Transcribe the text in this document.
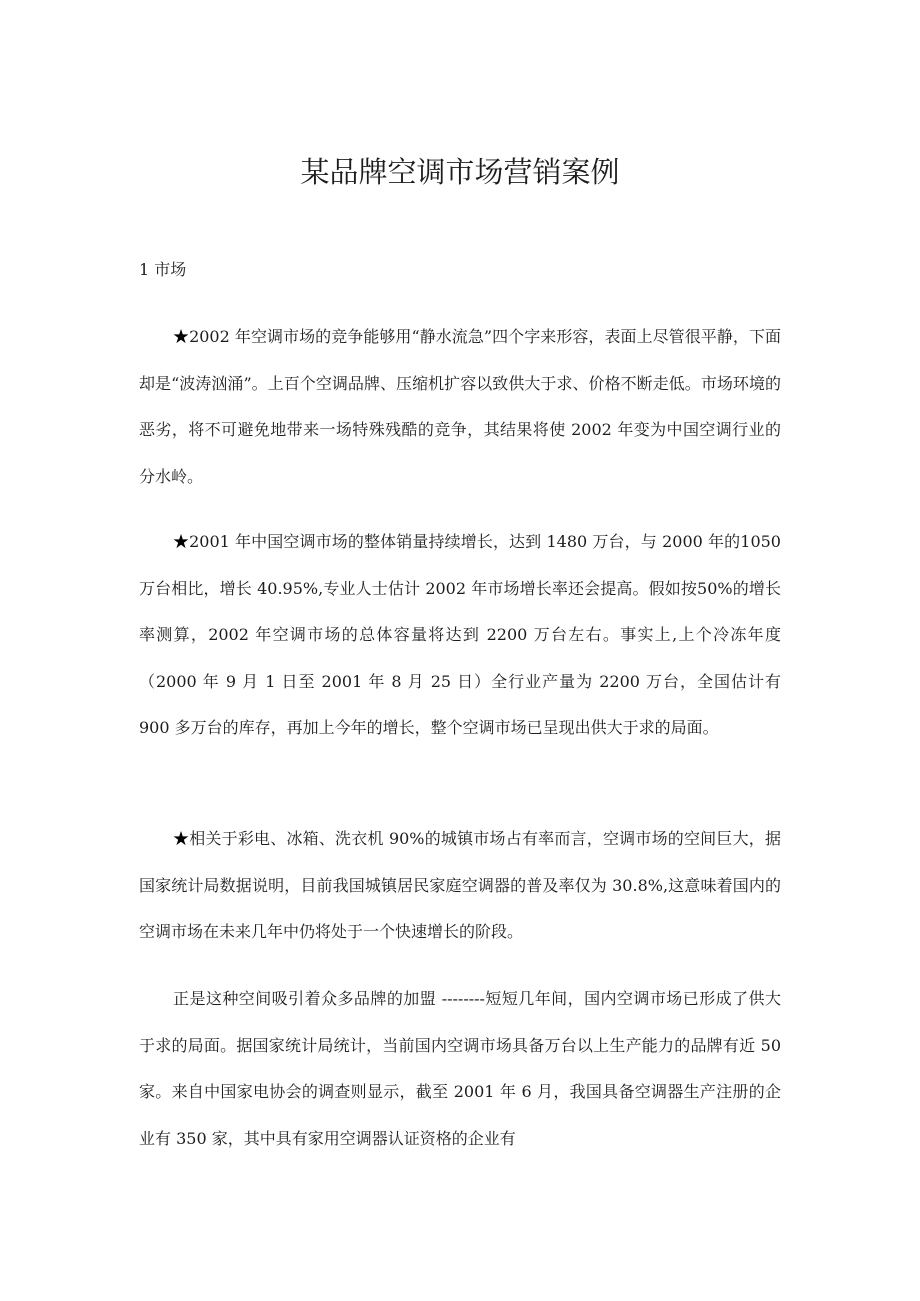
某品牌空调市场营销案例
1 市场

★2002 年空调市场的竞争能够用“静水流急”四个字来形容，表面上尽管很平静，下面却是“波涛汹涌”。上百个空调品牌、压缩机扩容以致供大于求、价格不断走低。市场环境的恶劣，将不可避免地带来一场特殊残酷的竞争，其结果将使 2002 年变为中国空调行业的分水岭。

★2001 年中国空调市场的整体销量持续增长，达到 1480 万台，与 2000 年的1050 万台相比，增长 40.95%,专业人士估计 2002 年市场增长率还会提高。假如按50%的增长率测算，2002 年空调市场的总体容量将达到 2200 万台左右。事实上,上个冷冻年度（2000 年 9 月 1 日至 2001 年 8 月 25 日）全行业产量为 2200 万台，全国估计有 900 多万台的库存，再加上今年的增长，整个空调市场已呈现出供大于求的局面。

★相关于彩电、冰箱、洗衣机 90%的城镇市场占有率而言，空调市场的空间巨大，据国家统计局数据说明，目前我国城镇居民家庭空调器的普及率仅为 30.8%,这意味着国内的空调市场在未来几年中仍将处于一个快速增长的阶段。

正是这种空间吸引着众多品牌的加盟 --------短短几年间，国内空调市场已形成了供大于求的局面。据国家统计局统计，当前国内空调市场具备万台以上生产能力的品牌有近 50 家。来自中国家电协会的调查则显示，截至 2001 年 6 月，我国具备空调器生产注册的企业有 350 家，其中具有家用空调器认证资格的企业有
